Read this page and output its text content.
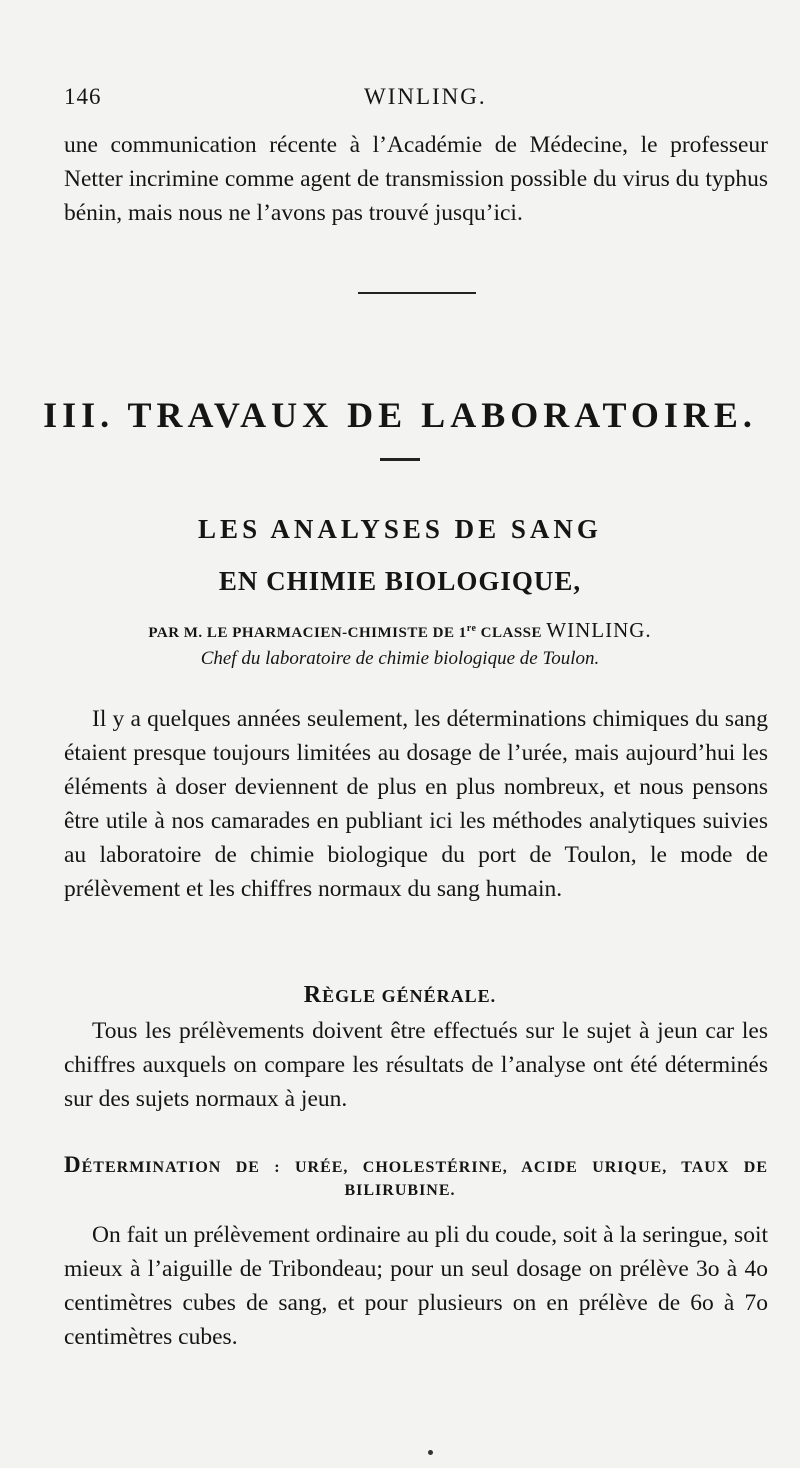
146	WINLING.

une communication récente à l’Académie de Médecine, le professeur Netter incrimine comme agent de transmission possible du virus du typhus bénin, mais nous ne l’avons pas trouvé jusqu’ici.

III. TRAVAUX DE LABORATOIRE.
LES ANALYSES DE SANG
EN CHIMIE BIOLOGIQUE,
PAR M. LE PHARMACIEN-CHIMISTE DE 1re CLASSE WINLING.
Chef du laboratoire de chimie biologique de Toulon.

Il y a quelques années seulement, les déterminations chimiques du sang étaient presque toujours limitées au dosage de l’urée, mais aujourd’hui les éléments à doser deviennent de plus en plus nombreux, et nous pensons être utile à nos camarades en publiant ici les méthodes analytiques suivies au laboratoire de chimie biologique du port de Toulon, le mode de prélèvement et les chiffres normaux du sang humain.

RÈGLE GÉNÉRALE.

Tous les prélèvements doivent être effectués sur le sujet à jeun car les chiffres auxquels on compare les résultats de l’analyse ont été déterminés sur des sujets normaux à jeun.

DÉTERMINATION DE : URÉE, CHOLESTÉRINE, ACIDE URIQUE, TAUX DE
BILIRUBINE.

On fait un prélèvement ordinaire au pli du coude, soit à la seringue, soit mieux à l’aiguille de Tribondeau; pour un seul dosage on prélève 3o à 4o centimètres cubes de sang, et pour plusieurs on en prélève de 6o à 7o centimètres cubes.
